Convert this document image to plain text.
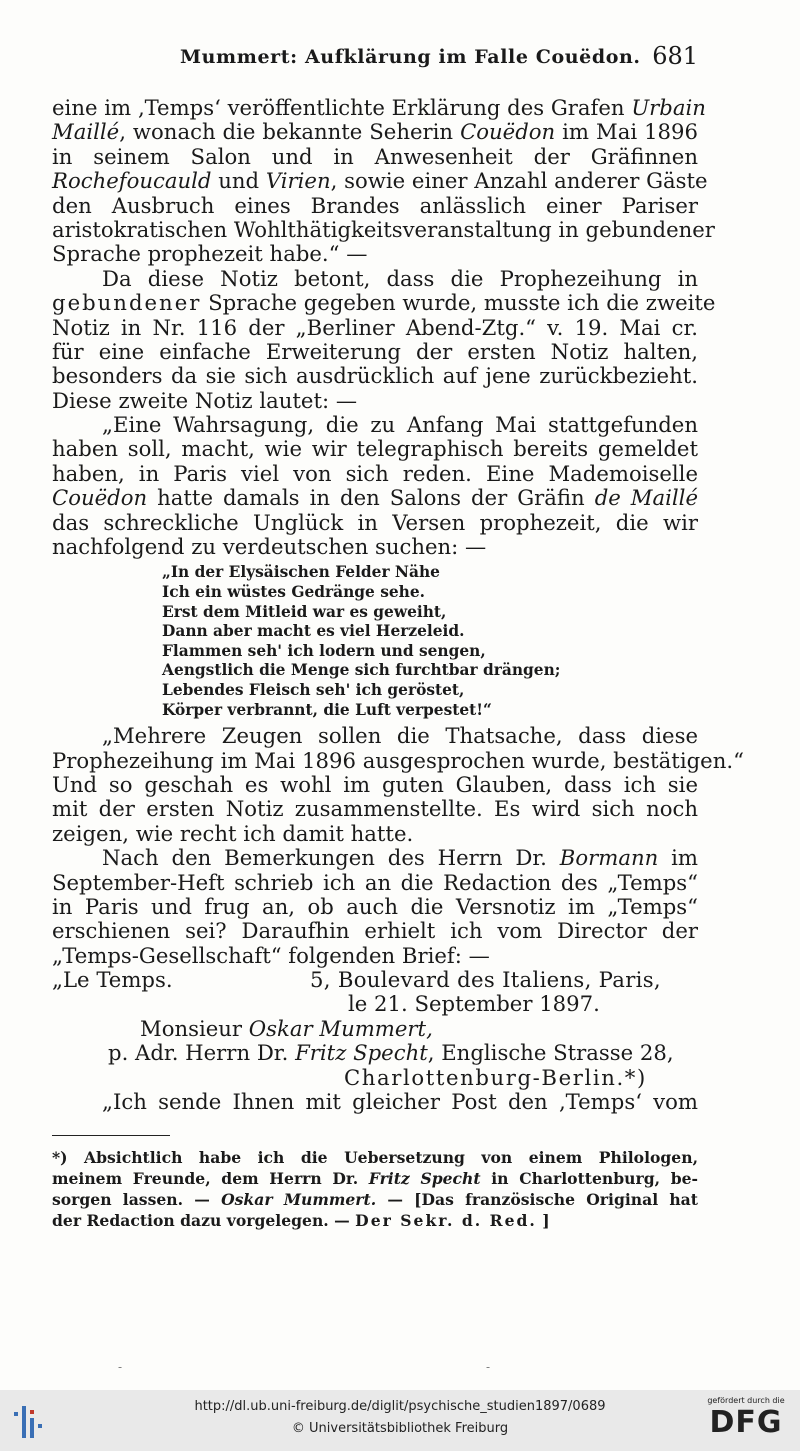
Mummert: Aufklärung im Falle Couëdon. 681
eine im ‚Temps‘ veröffentlichte Erklärung des Grafen Urbain
Maillé, wonach die bekannte Seherin Couëdon im Mai 1896
in seinem Salon und in Anwesenheit der Gräfinnen
Rochefoucauld und Virien, sowie einer Anzahl anderer Gäste
den Ausbruch eines Brandes anlässlich einer Pariser
aristokratischen Wohlthätigkeitsveranstaltung in gebundener
Sprache prophezeit habe.“ —
Da diese Notiz betont, dass die Prophezeihung in
gebundener Sprache gegeben wurde, musste ich die zweite
Notiz in Nr. 116 der „Berliner Abend-Ztg.“ v. 19. Mai cr.
für eine einfache Erweiterung der ersten Notiz halten,
besonders da sie sich ausdrücklich auf jene zurückbezieht.
Diese zweite Notiz lautet: —
„Eine Wahrsagung, die zu Anfang Mai stattgefunden
haben soll, macht, wie wir telegraphisch bereits gemeldet
haben, in Paris viel von sich reden. Eine Mademoiselle
Couëdon hatte damals in den Salons der Gräfin de Maillé
das schreckliche Unglück in Versen prophezeit, die wir
nachfolgend zu verdeutschen suchen: —
„In der Elysäischen Felder Nähe
Ich ein wüstes Gedränge sehe.
Erst dem Mitleid war es geweiht,
Dann aber macht es viel Herzeleid.
Flammen seh' ich lodern und sengen,
Aengstlich die Menge sich furchtbar drängen;
Lebendes Fleisch seh' ich geröstet,
Körper verbrannt, die Luft verpestet!“
„Mehrere Zeugen sollen die Thatsache, dass diese
Prophezeihung im Mai 1896 ausgesprochen wurde, bestätigen.“
Und so geschah es wohl im guten Glauben, dass ich sie
mit der ersten Notiz zusammenstellte. Es wird sich noch
zeigen, wie recht ich damit hatte.
Nach den Bemerkungen des Herrn Dr. Bormann im
September-Heft schrieb ich an die Redaction des „Temps“
in Paris und frug an, ob auch die Versnotiz im „Temps“
erschienen sei? Daraufhin erhielt ich vom Director der
„Temps-Gesellschaft“ folgenden Brief: —
„Le Temps.	5, Boulevard des Italiens, Paris,
le 21. September 1897.
Monsieur Oskar Mummert,
p. Adr. Herrn Dr. Fritz Specht, Englische Strasse 28,
Charlottenburg-Berlin.*)
„Ich sende Ihnen mit gleicher Post den ‚Temps‘ vom
*) Absichtlich habe ich die Uebersetzung von einem Philologen,
meinem Freunde, dem Herrn Dr. Fritz Specht in Charlottenburg, be-
sorgen lassen. — Oskar Mummert. — [Das französische Original hat
der Redaction dazu vorgelegen. — Der Sekr. d. Red. ]
-	-
http://dl.ub.uni-freiburg.de/diglit/psychische_studien1897/0689
© Universitätsbibliothek Freiburg
gefördert durch die
DFG
